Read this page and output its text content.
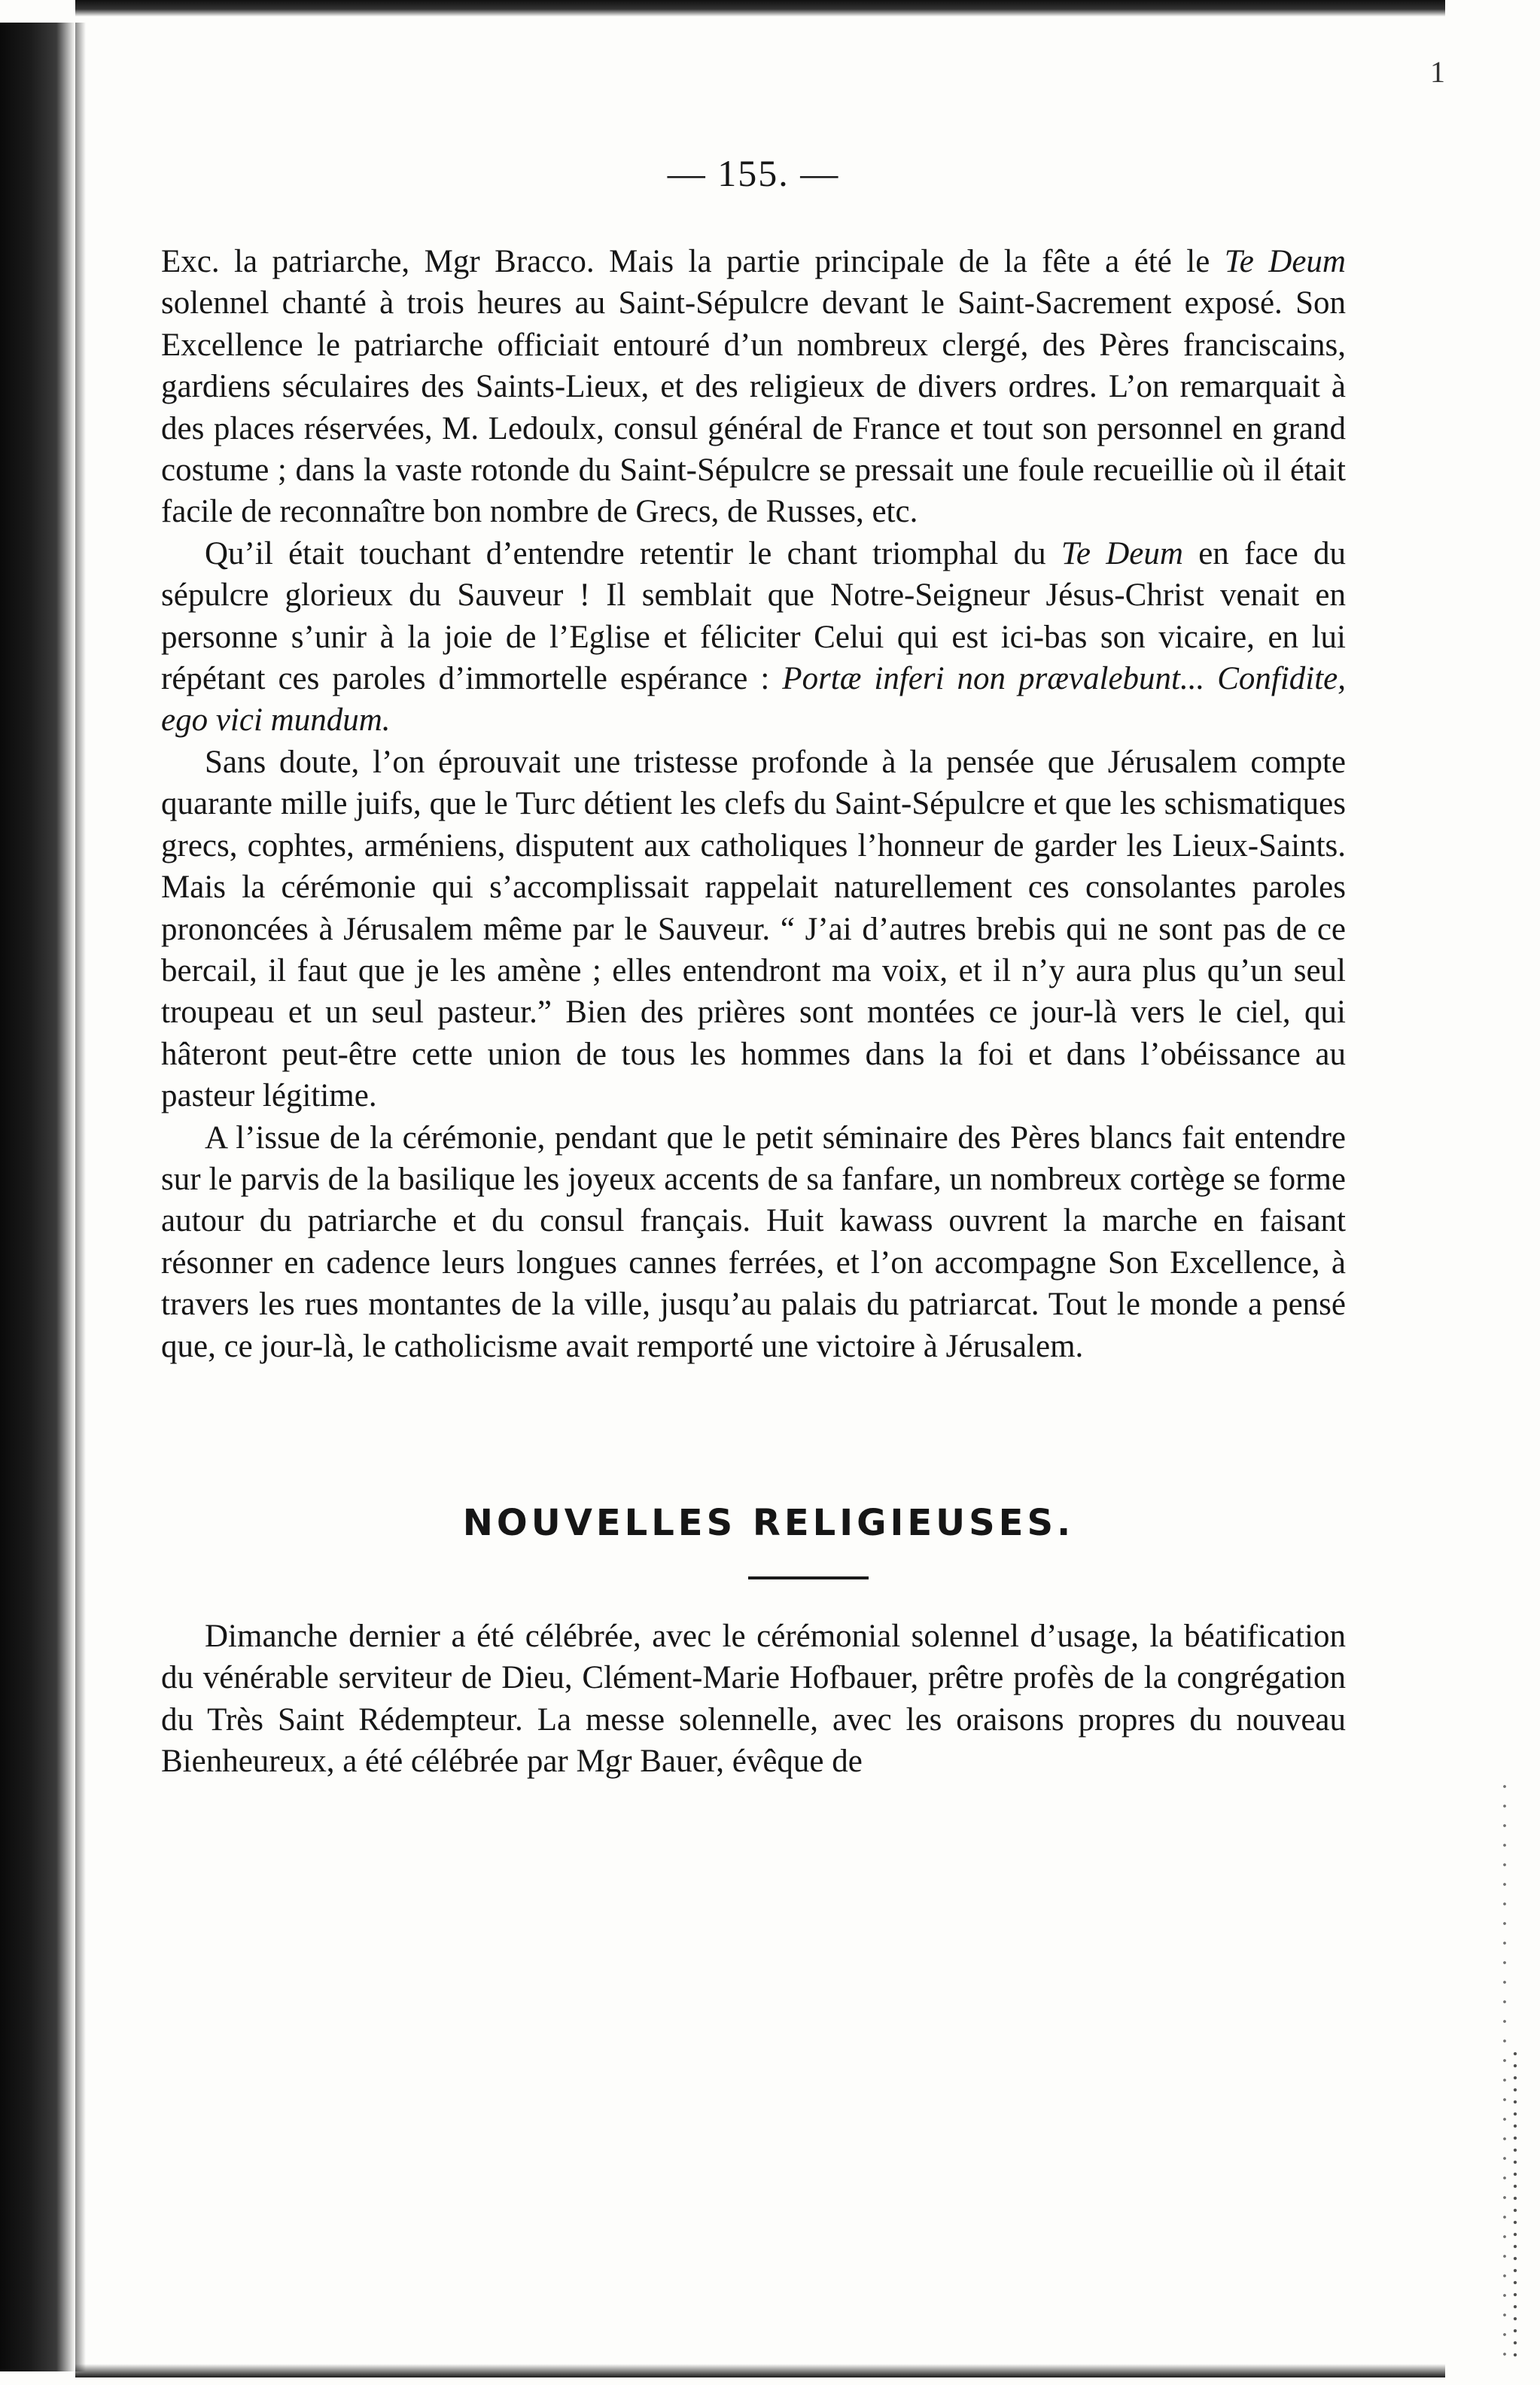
1
— 155. —

Exc. la patriarche, Mgr Bracco. Mais la partie principale de la fête a été le Te Deum solennel chanté à trois heures au Saint-Sépulcre devant le Saint-Sacrement exposé. Son Excellence le patriarche officiait entouré d’un nombreux clergé, des Pères franciscains, gardiens séculaires des Saints-Lieux, et des religieux de divers ordres. L’on remarquait à des places réservées, M. Ledoulx, consul général de France et tout son personnel en grand costume ; dans la vaste rotonde du Saint-Sépulcre se pressait une foule recueillie où il était facile de reconnaître bon nombre de Grecs, de Russes, etc.

Qu’il était touchant d’entendre retentir le chant triomphal du Te Deum en face du sépulcre glorieux du Sauveur ! Il semblait que Notre-Seigneur Jésus-Christ venait en personne s’unir à la joie de l’Eglise et féliciter Celui qui est ici-bas son vicaire, en lui répétant ces paroles d’immortelle espérance : Portæ inferi non prævalebunt... Confidite, ego vici mundum.

Sans doute, l’on éprouvait une tristesse profonde à la pensée que Jérusalem compte quarante mille juifs, que le Turc détient les clefs du Saint-Sépulcre et que les schismatiques grecs, cophtes, arméniens, disputent aux catholiques l’honneur de garder les Lieux-Saints. Mais la cérémonie qui s’accomplissait rappelait naturellement ces consolantes paroles prononcées à Jérusalem même par le Sauveur. “ J’ai d’autres brebis qui ne sont pas de ce bercail, il faut que je les amène ; elles entendront ma voix, et il n’y aura plus qu’un seul troupeau et un seul pasteur.” Bien des prières sont montées ce jour-là vers le ciel, qui hâteront peut-être cette union de tous les hommes dans la foi et dans l’obéissance au pasteur légitime.

A l’issue de la cérémonie, pendant que le petit séminaire des Pères blancs fait entendre sur le parvis de la basilique les joyeux accents de sa fanfare, un nombreux cortège se forme autour du patriarche et du consul français. Huit kawass ouvrent la marche en faisant résonner en cadence leurs longues cannes ferrées, et l’on accompagne Son Excellence, à travers les rues montantes de la ville, jusqu’au palais du patriarcat. Tout le monde a pensé que, ce jour-là, le catholicisme avait remporté une victoire à Jérusalem.

NOUVELLES RELIGIEUSES.

Dimanche dernier a été célébrée, avec le cérémonial solennel d’usage, la béatification du vénérable serviteur de Dieu, Clément-Marie Hofbauer, prêtre profès de la congrégation du Très Saint Rédempteur. La messe solennelle, avec les oraisons propres du nouveau Bienheureux, a été célébrée par Mgr Bauer, évêque de
